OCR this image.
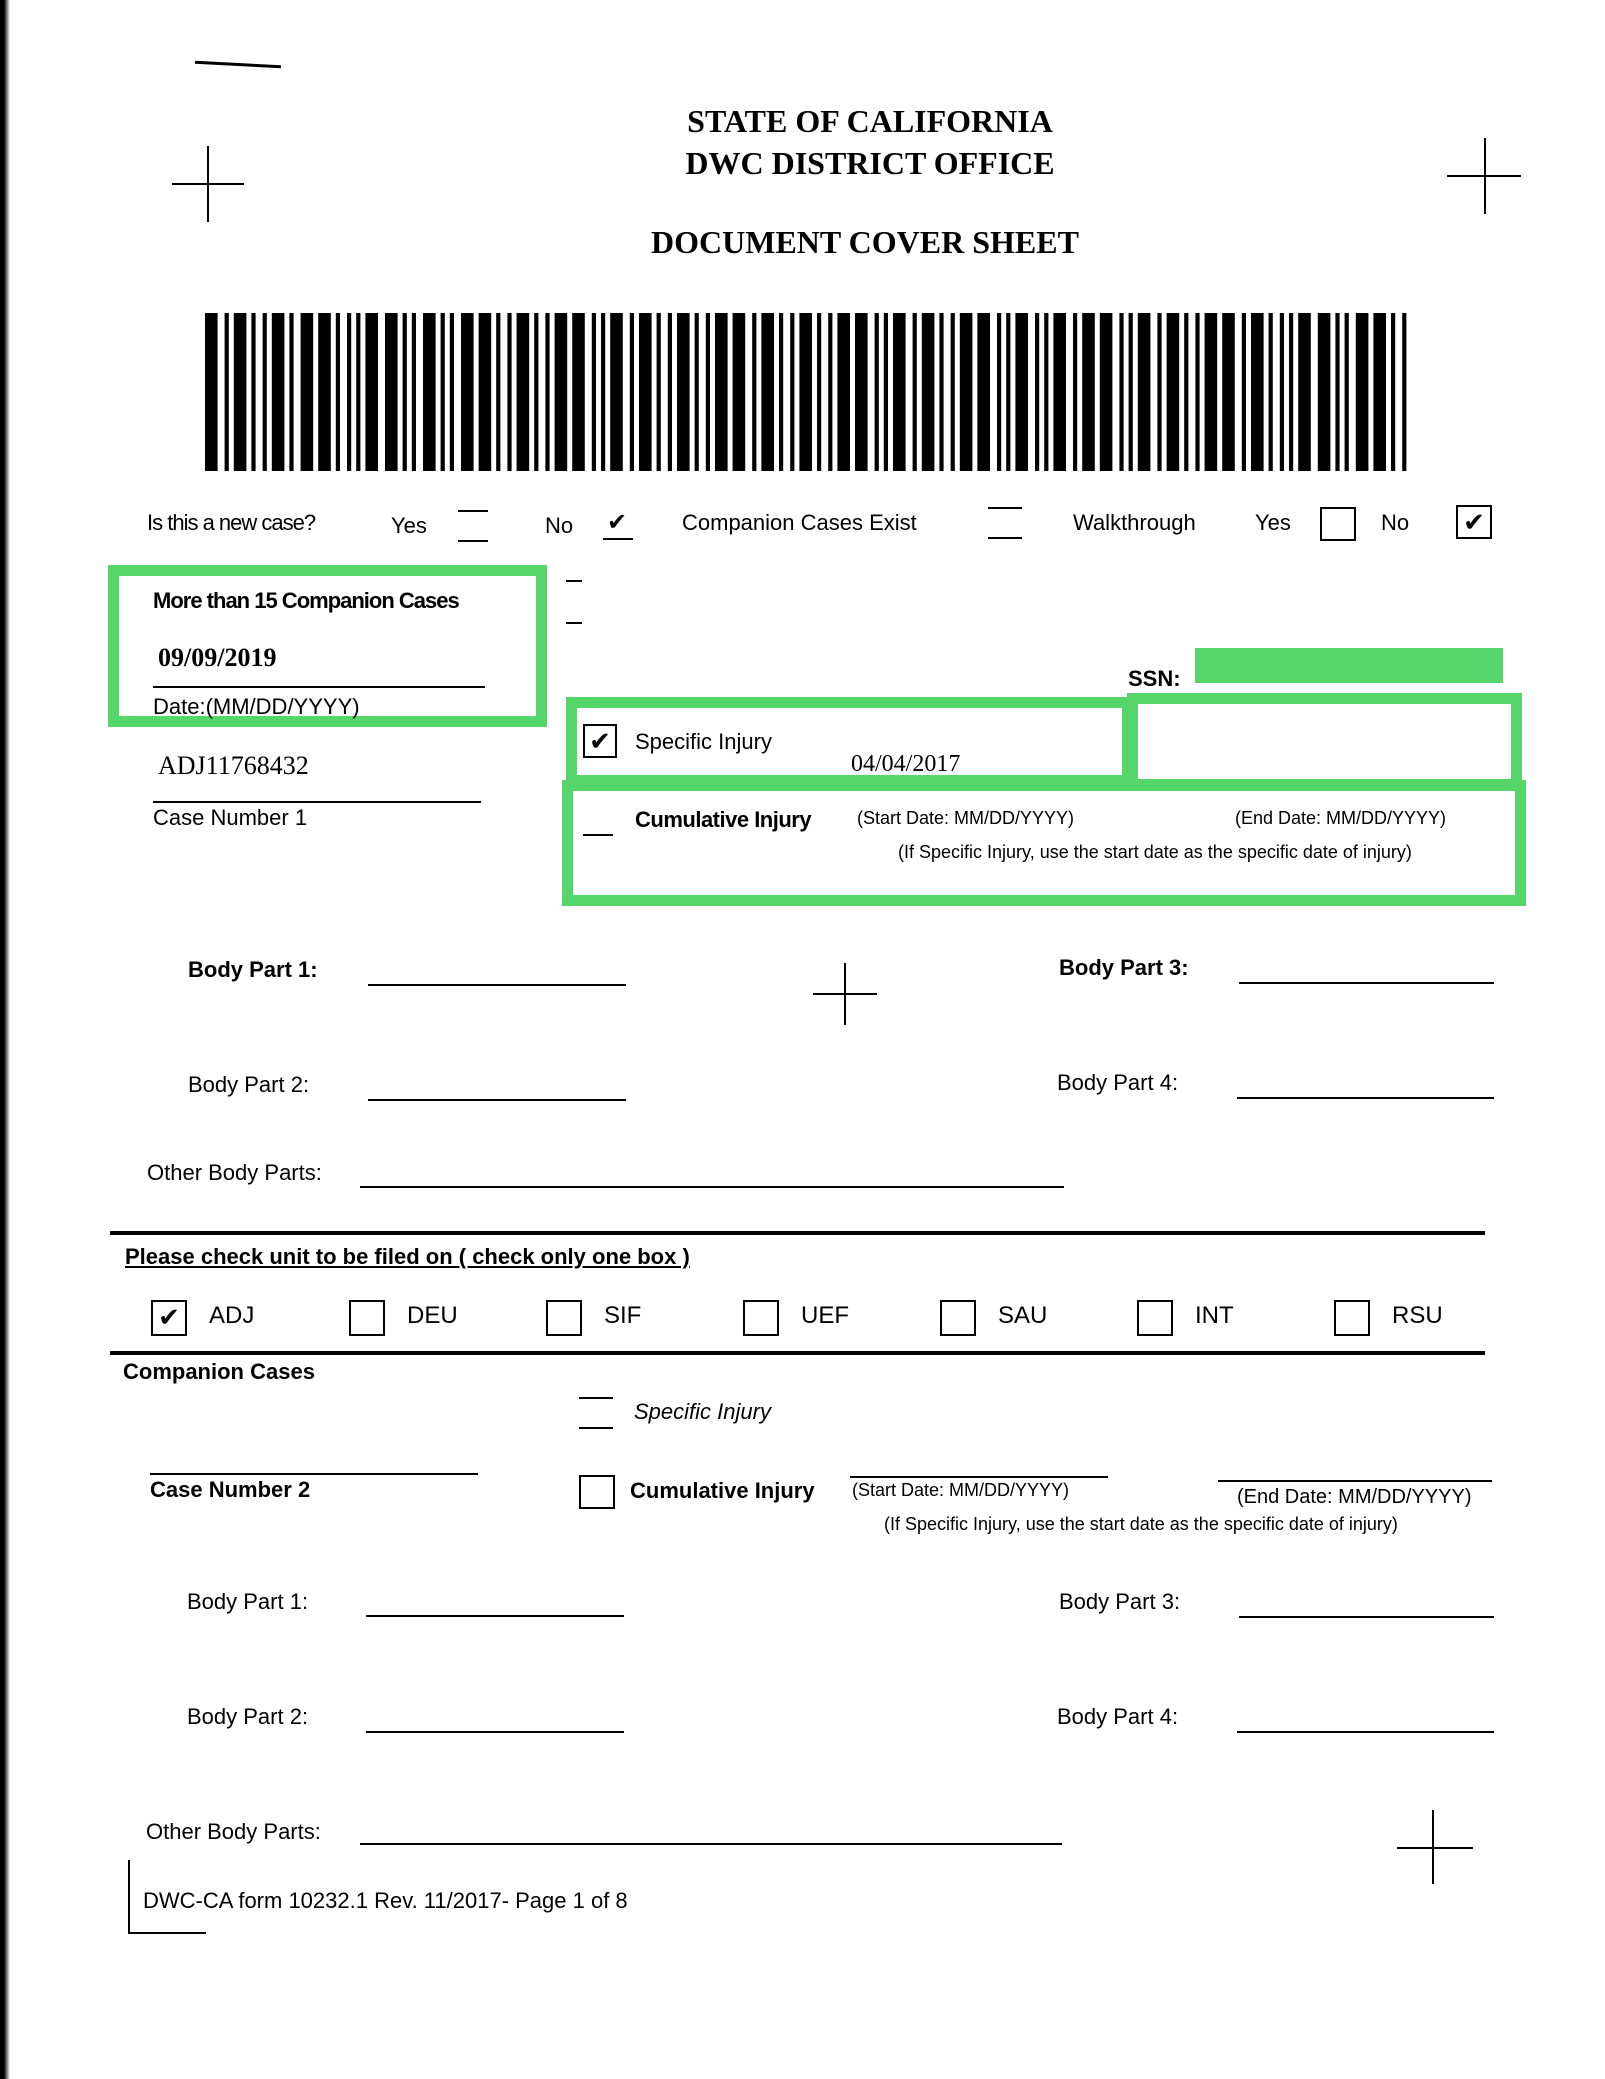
STATE OF CALIFORNIA
DWC DISTRICT OFFICE
DOCUMENT COVER SHEET
Is this a new case?	Yes	No ✔ Companion Cases Exist	Walkthrough	Yes	No ✔
More than 15 Companion Cases
09/09/2019
Date:(MM/DD/YYYY)
SSN:
ADJ11768432
Case Number 1
✔ Specific Injury
04/04/2017
Cumulative Injury	(Start Date: MM/DD/YYYY)	(End Date: MM/DD/YYYY)
(If Specific Injury, use the start date as the specific date of injury)
Body Part 1:	Body Part 3:
Body Part 2:	Body Part 4:
Other Body Parts:
Please check unit to be filed on ( check only one box )
✔ ADJ	DEU	SIF	UEF	SAU	INT	RSU
Companion Cases
Specific Injury
Case Number 2	Cumulative Injury (Start Date: MM/DD/YYYY)	(End Date: MM/DD/YYYY)
(If Specific Injury, use the start date as the specific date of injury)
Body Part 1:	Body Part 3:
Body Part 2:	Body Part 4:
Other Body Parts:
DWC-CA form 10232.1 Rev. 11/2017- Page 1 of 8
